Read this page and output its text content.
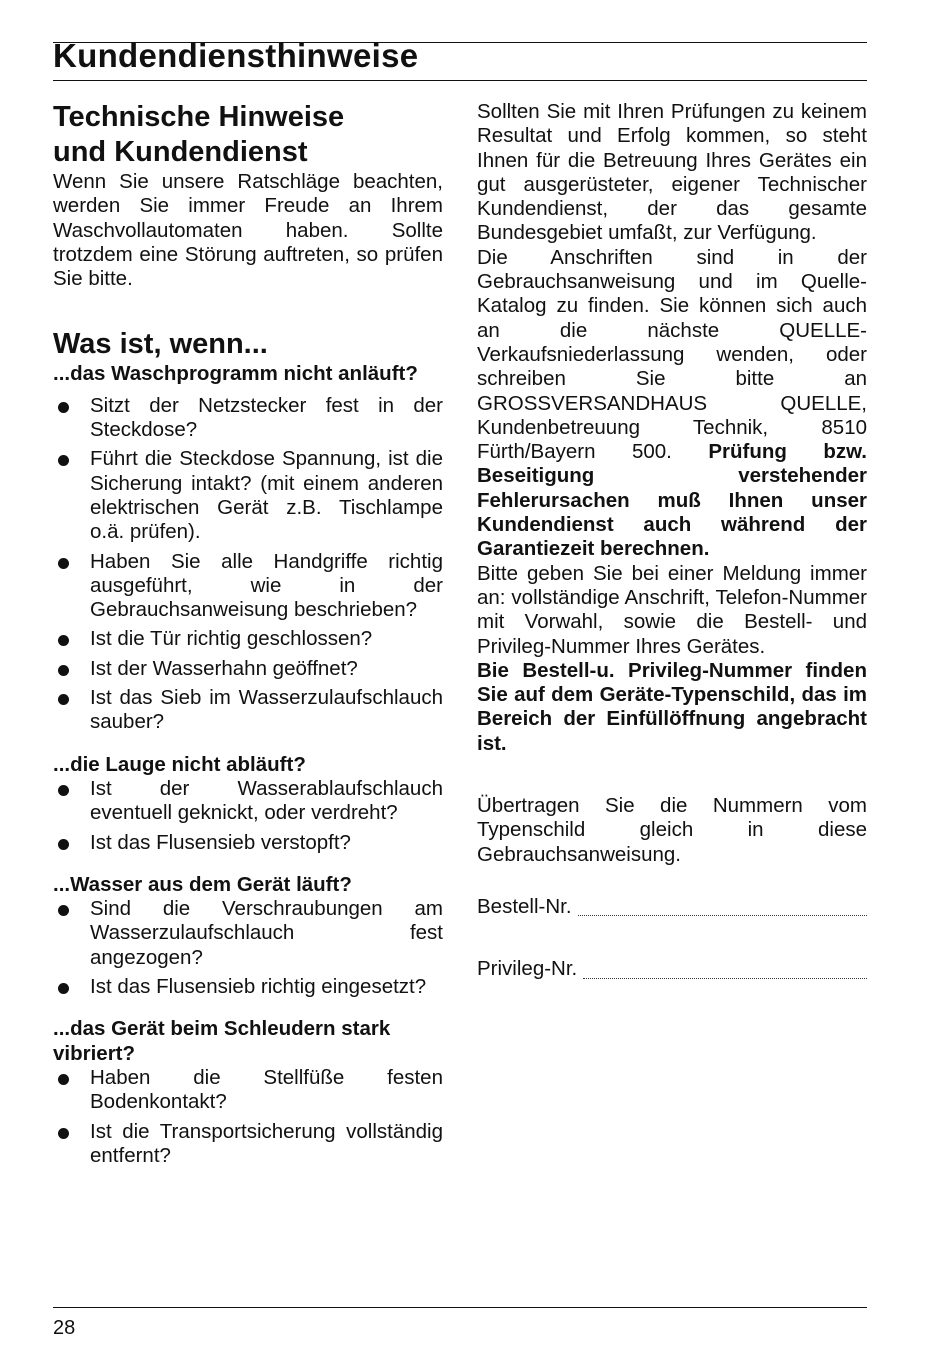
Kundendiensthinweise
Technische Hinweise und Kundendienst

Wenn Sie unsere Ratschläge beachten, werden Sie immer Freude an Ihrem Waschvollautomaten haben. Sollte trotzdem eine Störung auftreten, so prüfen Sie bitte.

Was ist, wenn...

...das Waschprogramm nicht anläuft?

Sitzt der Netzstecker fest in der Steckdose?
Führt die Steckdose Spannung, ist die Sicherung intakt? (mit einem anderen elektrischen Gerät z.B. Tischlampe o.ä. prüfen).
Haben Sie alle Handgriffe richtig ausgeführt, wie in der Gebrauchsanweisung beschrieben?
Ist die Tür richtig geschlossen?
Ist der Wasserhahn geöffnet?
Ist das Sieb im Wasserzulaufschlauch sauber?

...die Lauge nicht abläuft?

Ist der Wasserablaufschlauch eventuell geknickt, oder verdreht?
Ist das Flusensieb verstopft?

...Wasser aus dem Gerät läuft?

Sind die Verschraubungen am Wasserzulaufschlauch fest angezogen?
Ist das Flusensieb richtig eingesetzt?

...das Gerät beim Schleudern stark vibriert?

Haben die Stellfüße festen Bodenkontakt?
Ist die Transportsicherung vollständig entfernt?

Sollten Sie mit Ihren Prüfungen zu keinem Resultat und Erfolg kommen, so steht Ihnen für die Betreuung Ihres Gerätes ein gut ausgerüsteter, eigener Technischer Kundendienst, der das gesamte Bundesgebiet umfaßt, zur Verfügung.

Die Anschriften sind in der Gebrauchsanweisung und im Quelle-Katalog zu finden. Sie können sich auch an die nächste QUELLE-Verkaufsniederlassung wenden, oder schreiben Sie bitte an GROSSVERSANDHAUS QUELLE, Kundenbetreuung Technik, 8510 Fürth/Bayern 500. Prüfung bzw. Beseitigung verstehender Fehlerursachen muß Ihnen unser Kundendienst auch während der Garantiezeit berechnen.

Bitte geben Sie bei einer Meldung immer an: vollständige Anschrift, Telefon-Nummer mit Vorwahl, sowie die Bestell- und Privileg-Nummer Ihres Gerätes.

Bie Bestell-u. Privileg-Nummer finden Sie auf dem Geräte-Typenschild, das im Bereich der Einfüllöffnung angebracht ist.

Übertragen Sie die Nummern vom Typenschild gleich in diese Gebrauchsanweisung.

Bestell-Nr.
Privileg-Nr.
28
